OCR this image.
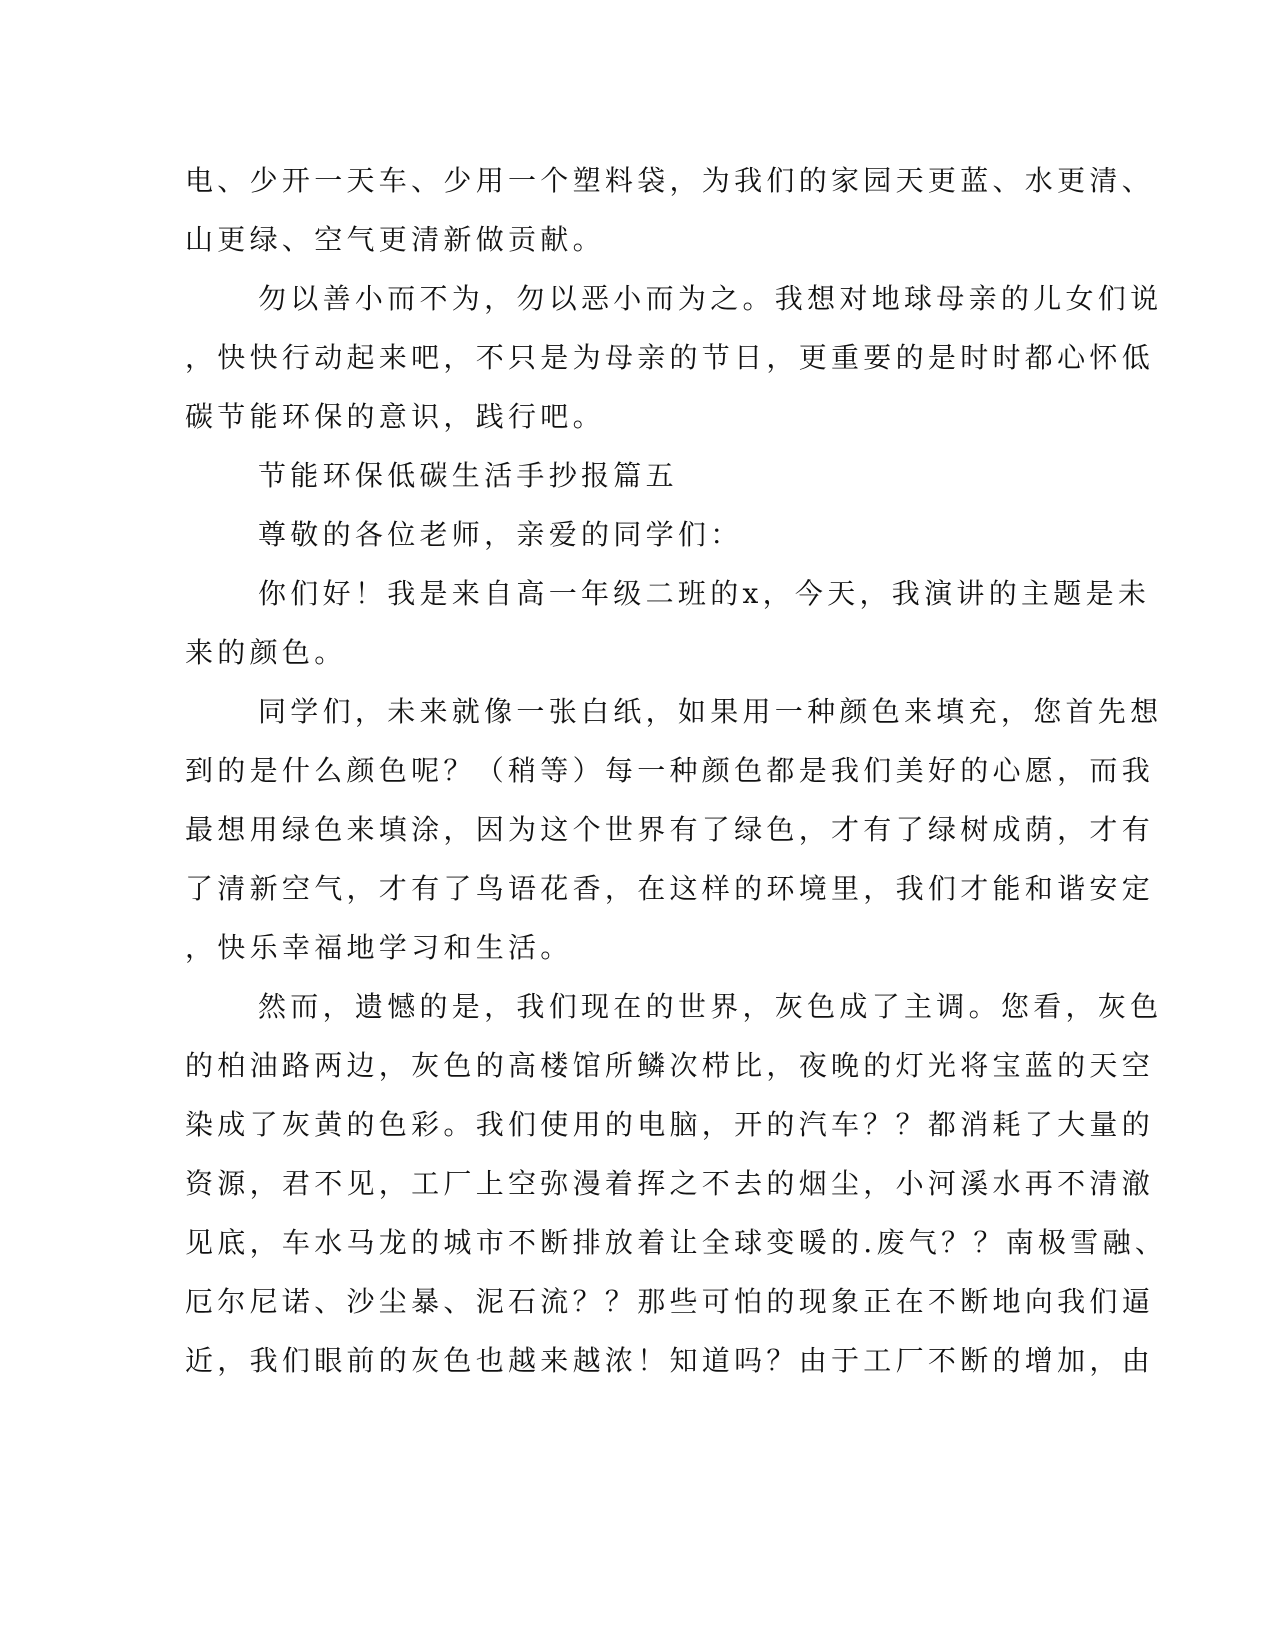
电、少开一天车、少用一个塑料袋，为我们的家园天更蓝、水更清、

山更绿、空气更清新做贡献。

勿以善小而不为，勿以恶小而为之。我想对地球母亲的儿女们说

，快快行动起来吧，不只是为母亲的节日，更重要的是时时都心怀低

碳节能环保的意识，践行吧。

节能环保低碳生活手抄报篇五

尊敬的各位老师，亲爱的同学们：

你们好！我是来自高一年级二班的x，今天，我演讲的主题是未

来的颜色。

同学们，未来就像一张白纸，如果用一种颜色来填充，您首先想

到的是什么颜色呢？（稍等）每一种颜色都是我们美好的心愿，而我

最想用绿色来填涂，因为这个世界有了绿色，才有了绿树成荫，才有

了清新空气，才有了鸟语花香，在这样的环境里，我们才能和谐安定

，快乐幸福地学习和生活。

然而，遗憾的是，我们现在的世界，灰色成了主调。您看，灰色

的柏油路两边，灰色的高楼馆所鳞次栉比，夜晚的灯光将宝蓝的天空

染成了灰黄的色彩。我们使用的电脑，开的汽车？？都消耗了大量的

资源，君不见，工厂上空弥漫着挥之不去的烟尘，小河溪水再不清澈

见底，车水马龙的城市不断排放着让全球变暖的.废气？？南极雪融、

厄尔尼诺、沙尘暴、泥石流？？那些可怕的现象正在不断地向我们逼

近，我们眼前的灰色也越来越浓！知道吗？由于工厂不断的增加，由
